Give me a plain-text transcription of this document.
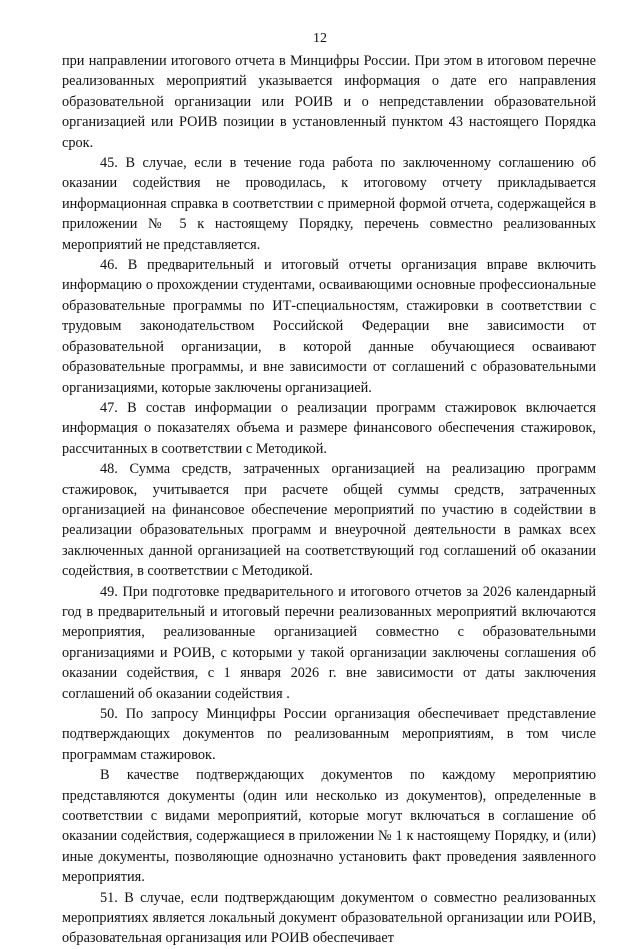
12

при направлении итогового отчета в Минцифры России. При этом в итоговом перечне реализованных мероприятий указывается информация о дате его направления образовательной организации или РОИВ и о непредставлении образовательной организацией или РОИВ позиции в установленный пунктом 43 настоящего Порядка срок.

45. В случае, если в течение года работа по заключенному соглашению об оказании содействия не проводилась, к итоговому отчету прикладывается информационная справка в соответствии с примерной формой отчета, содержащейся в приложении № 5 к настоящему Порядку, перечень совместно реализованных мероприятий не представляется.

46. В предварительный и итоговый отчеты организация вправе включить информацию о прохождении студентами, осваивающими основные профессиональные образовательные программы по ИТ-специальностям, стажировки в соответствии с трудовым законодательством Российской Федерации вне зависимости от образовательной организации, в которой данные обучающиеся осваивают образовательные программы, и вне зависимости от соглашений с образовательными организациями, которые заключены организацией.

47. В состав информации о реализации программ стажировок включается информация о показателях объема и размере финансового обеспечения стажировок, рассчитанных в соответствии с Методикой.

48. Сумма средств, затраченных организацией на реализацию программ стажировок, учитывается при расчете общей суммы средств, затраченных организацией на финансовое обеспечение мероприятий по участию в содействии в реализации образовательных программ и внеурочной деятельности в рамках всех заключенных данной организацией на соответствующий год соглашений об оказании содействия, в соответствии с Методикой.

49. При подготовке предварительного и итогового отчетов за 2026 календарный год в предварительный и итоговый перечни реализованных мероприятий включаются мероприятия, реализованные организацией совместно с образовательными организациями и РОИВ, с которыми у такой организации заключены соглашения об оказании содействия, с 1 января 2026 г. вне зависимости от даты заключения соглашений об оказании содействия .

50. По запросу Минцифры России организация обеспечивает представление подтверждающих документов по реализованным мероприятиям, в том числе программам стажировок.

В качестве подтверждающих документов по каждому мероприятию представляются документы (один или несколько из документов), определенные в соответствии с видами мероприятий, которые могут включаться в соглашение об оказании содействия, содержащиеся в приложении № 1 к настоящему Порядку, и (или) иные документы, позволяющие однозначно установить факт проведения заявленного мероприятия.

51. В случае, если подтверждающим документом о совместно реализованных мероприятиях является локальный документ образовательной организации или РОИВ, образовательная организация или РОИВ обеспечивает
